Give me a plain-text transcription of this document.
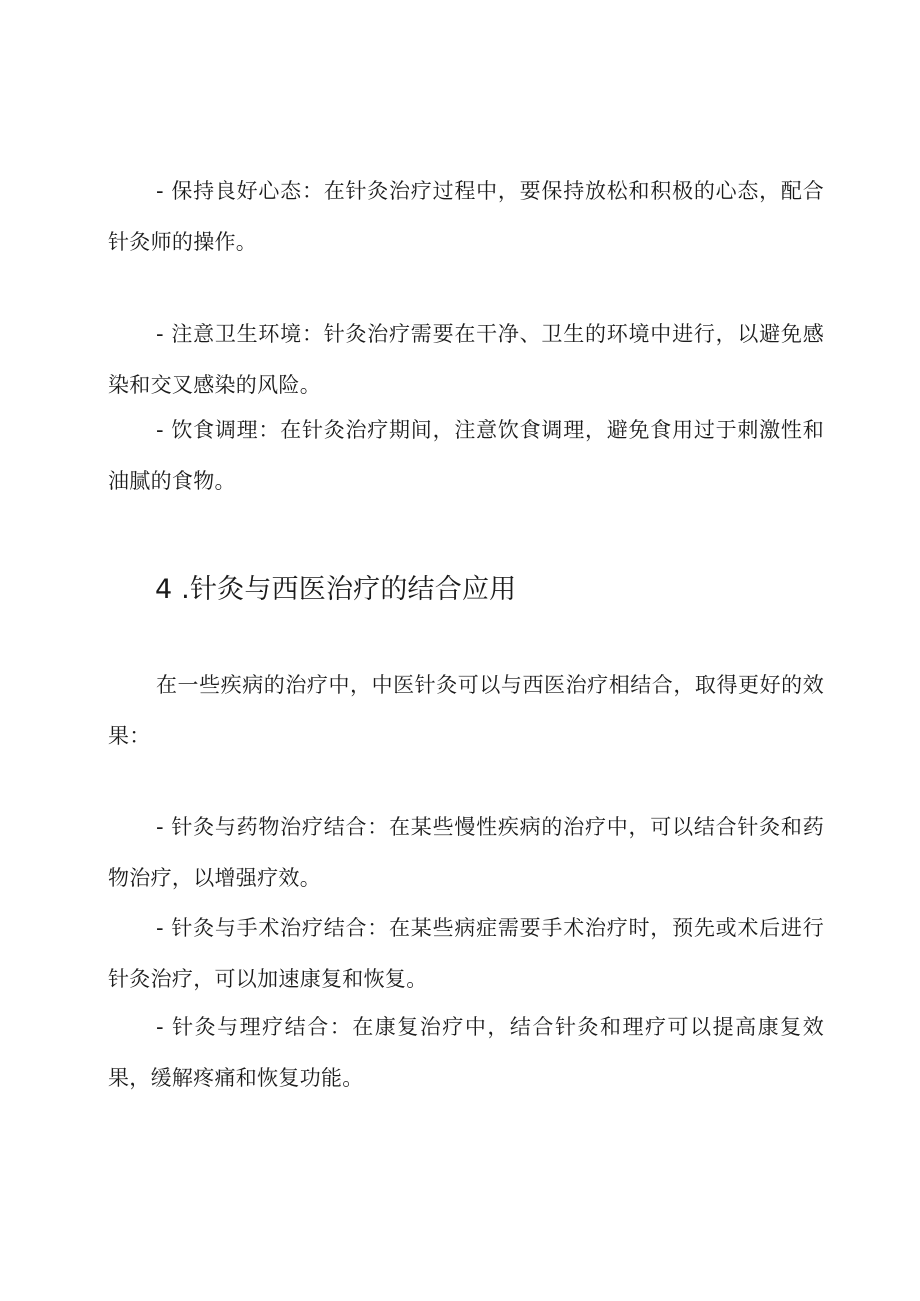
- 保持良好心态：在针灸治疗过程中，要保持放松和积极的心态，配合针灸师的操作。

- 注意卫生环境：针灸治疗需要在干净、卫生的环境中进行，以避免感染和交叉感染的风险。

- 饮食调理：在针灸治疗期间，注意饮食调理，避免食用过于刺激性和油腻的食物。

4 .针灸与西医治疗的结合应用

在一些疾病的治疗中，中医针灸可以与西医治疗相结合，取得更好的效果：

- 针灸与药物治疗结合：在某些慢性疾病的治疗中，可以结合针灸和药物治疗，以增强疗效。

- 针灸与手术治疗结合：在某些病症需要手术治疗时，预先或术后进行针灸治疗，可以加速康复和恢复。

- 针灸与理疗结合：在康复治疗中，结合针灸和理疗可以提高康复效果，缓解疼痛和恢复功能。
